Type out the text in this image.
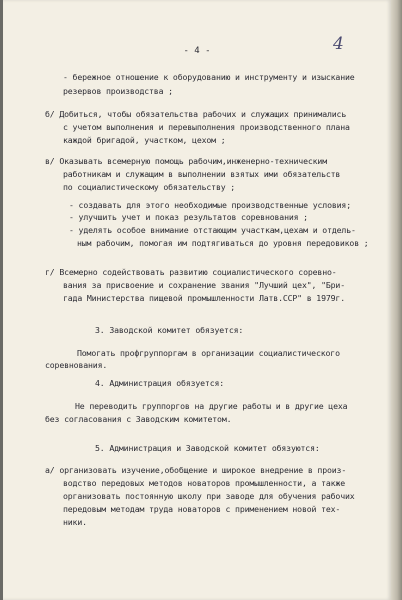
- 4 -	4
- бережное отношение к оборудованию и инструменту и изыскание
резервов производства ;
б/ Добиться, чтобы обязательства рабочих и служащих принимались
с учетом выполнения и перевыполнения производственного плана
каждой бригадой, участком, цехом ;
в/ Оказывать всемерную помощь рабочим,инженерно-техническим
работникам и служащим в выполнении взятых ими обязательств
по социалистическому обязательству ;
- создавать для этого необходимые производственные условия;
- улучшить учет и показ результатов соревнования ;
- уделять особое внимание отстающим участкам,цехам и отдель-
ным рабочим, помогая им подтягиваться до уровня передовиков ;
г/ Всемерно содействовать развитию социалистического соревно-
вания за присвоение и сохранение звания "Лучший цех", "Бри-
гада Министерства пищевой промышленности Латв.ССР" в 1979г.
3. Заводской комитет обязуется:
Помогать профгруппоргам в организации социалистического
соревнования.
4. Администрация обязуется:
Не переводить группоргов на другие работы и в другие цеха
без согласования с Заводским комитетом.
5. Администрация и Заводской комитет обязуются:
а/ организовать изучение,обобщение и широкое внедрение в произ-
водство передовых методов новаторов промышленности, а также
организовать постоянную школу при заводе для обучения рабочих
передовым методам труда новаторов с применением новой тех-
ники.
